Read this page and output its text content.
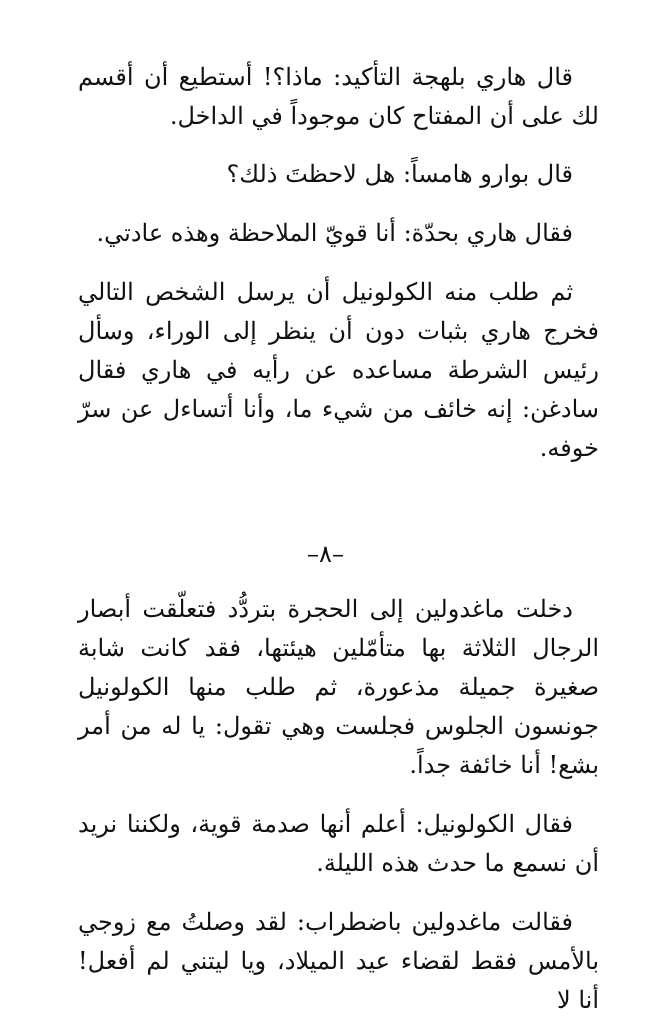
قال هاري بلهجة التأكيد: ماذا؟! أستطيع أن أقسم لك على أن المفتاح كان موجوداً في الداخل.

قال بوارو هامساً: هل لاحظتَ ذلك؟

فقال هاري بحدّة: أنا قويّ الملاحظة وهذه عادتي.

ثم طلب منه الكولونيل أن يرسل الشخص التالي فخرج هاري بثبات دون أن ينظر إلى الوراء، وسأل رئيس الشرطة مساعده عن رأيه في هاري فقال سادغن: إنه خائف من شيء ما، وأنا أتساءل عن سرّ خوفه.

–٨–

دخلت ماغدولين إلى الحجرة بتردُّد فتعلّقت أبصار الرجال الثلاثة بها متأمّلين هيئتها، فقد كانت شابة صغيرة جميلة مذعورة، ثم طلب منها الكولونيل جونسون الجلوس فجلست وهي تقول: يا له من أمر بشع! أنا خائفة جداً.

فقال الكولونيل: أعلم أنها صدمة قوية، ولكننا نريد أن نسمع ما حدث هذه الليلة.

فقالت ماغدولين باضطراب: لقد وصلتُ مع زوجي بالأمس فقط لقضاء عيد الميلاد، ويا ليتني لم أفعل! أنا لا
